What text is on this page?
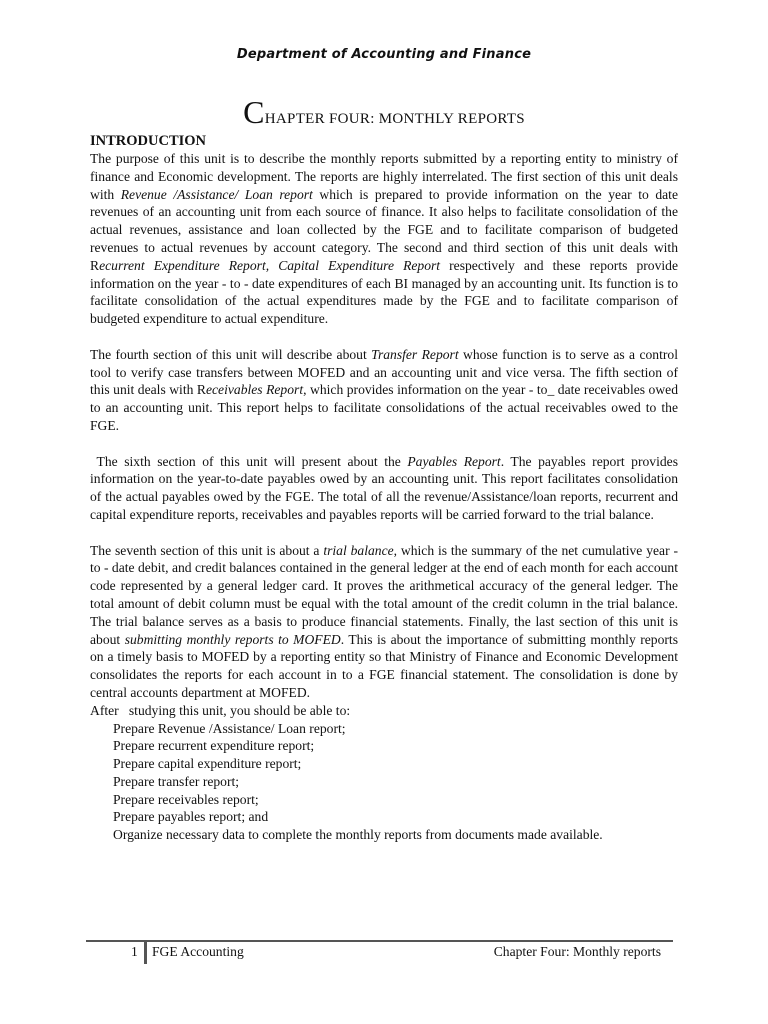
Department of Accounting and Finance
CHAPTER FOUR: MONTHLY REPORTS
INTRODUCTION

The purpose of this unit is to describe the monthly reports submitted by a reporting entity to ministry of finance and Economic development. The reports are highly interrelated. The first section of this unit deals with Revenue /Assistance/ Loan report which is prepared to provide information on the year to date revenues of an accounting unit from each source of finance. It also helps to facilitate consolidation of the actual revenues, assistance and loan collected by the FGE and to facilitate comparison of budgeted revenues to actual revenues by account category. The second and third section of this unit deals with Recurrent Expenditure Report, Capital Expenditure Report respectively and these reports provide information on the year - to - date expenditures of each BI managed by an accounting unit. Its function is to facilitate consolidation of the actual expenditures made by the FGE and to facilitate comparison of budgeted expenditure to actual expenditure.

The fourth section of this unit will describe about Transfer Report whose function is to serve as a control tool to verify case transfers between MOFED and an accounting unit and vice versa. The fifth section of this unit deals with Receivables Report, which provides information on the year - to_ date receivables owed to an accounting unit. This report helps to facilitate consolidations of the actual receivables owed to the FGE.

The sixth section of this unit will present about the Payables Report. The payables report provides information on the year-to-date payables owed by an accounting unit. This report facilitates consolidation of the actual payables owed by the FGE. The total of all the revenue/Assistance/loan reports, recurrent and capital expenditure reports, receivables and payables reports will be carried forward to the trial balance.

The seventh section of this unit is about a trial balance, which is the summary of the net cumulative year -to - date debit, and credit balances contained in the general ledger at the end of each month for each account code represented by a general ledger card. It proves the arithmetical accuracy of the general ledger. The total amount of debit column must be equal with the total amount of the credit column in the trial balance. The trial balance serves as a basis to produce financial statements. Finally, the last section of this unit is about submitting monthly reports to MOFED. This is about the importance of submitting monthly reports on a timely basis to MOFED by a reporting entity so that Ministry of Finance and Economic Development consolidates the reports for each account in to a FGE financial statement. The consolidation is done by central accounts department at MOFED.

After   studying this unit, you should be able to:
Prepare Revenue /Assistance/ Loan report;
Prepare recurrent expenditure report;
Prepare capital expenditure report;
Prepare transfer report;
Prepare receivables report;
Prepare payables report; and
Organize necessary data to complete the monthly reports from documents made available.
1 FGE Accounting	Chapter Four: Monthly reports
